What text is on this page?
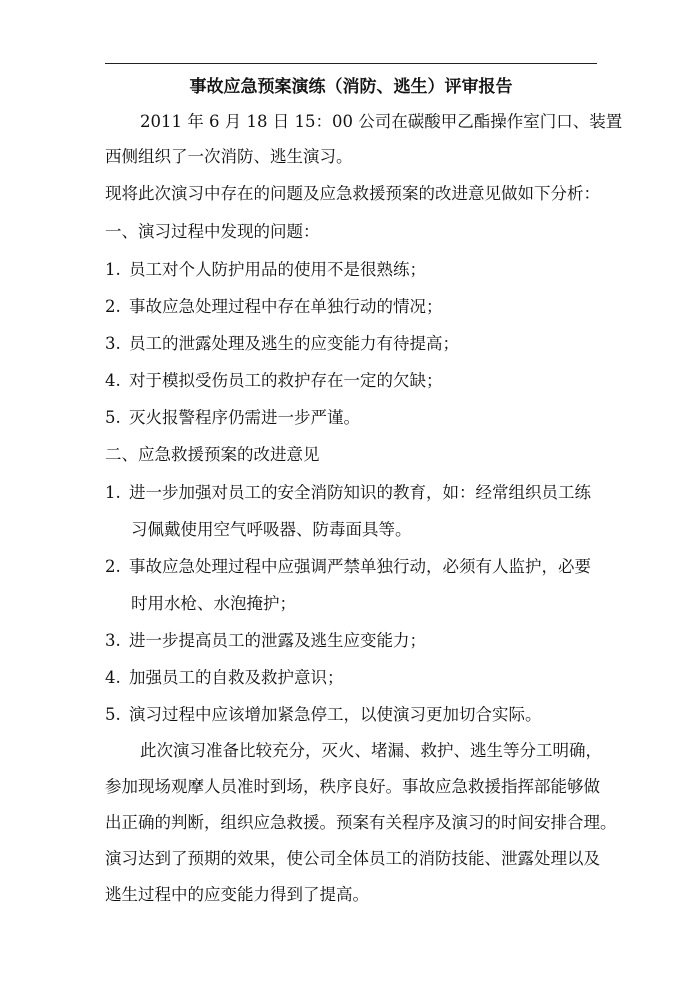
事故应急预案演练（消防、逃生）评审报告
2011 年 6 月 18 日 15：00 公司在碳酸甲乙酯操作室门口、装置
西侧组织了一次消防、逃生演习。
现将此次演习中存在的问题及应急救援预案的改进意见做如下分析：
一、演习过程中发现的问题：
1. 员工对个人防护用品的使用不是很熟练；
2. 事故应急处理过程中存在单独行动的情况；
3. 员工的泄露处理及逃生的应变能力有待提高；
4. 对于模拟受伤员工的救护存在一定的欠缺；
5. 灭火报警程序仍需进一步严谨。
二、应急救援预案的改进意见
1. 进一步加强对员工的安全消防知识的教育，如：经常组织员工练
习佩戴使用空气呼吸器、防毒面具等。
2. 事故应急处理过程中应强调严禁单独行动，必须有人监护，必要
时用水枪、水泡掩护；
3. 进一步提高员工的泄露及逃生应变能力；
4. 加强员工的自救及救护意识；
5. 演习过程中应该增加紧急停工，以使演习更加切合实际。
此次演习准备比较充分，灭火、堵漏、救护、逃生等分工明确，
参加现场观摩人员准时到场，秩序良好。事故应急救援指挥部能够做
出正确的判断，组织应急救援。预案有关程序及演习的时间安排合理。
演习达到了预期的效果，使公司全体员工的消防技能、泄露处理以及
逃生过程中的应变能力得到了提高。
